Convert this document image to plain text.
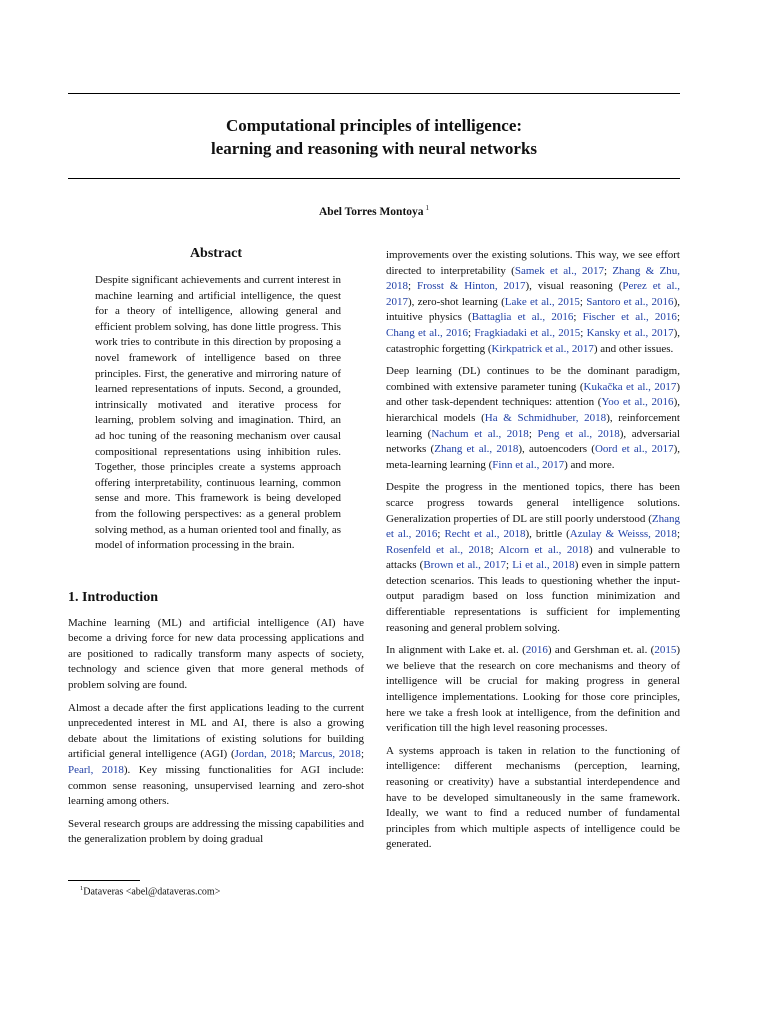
Computational principles of intelligence:
learning and reasoning with neural networks
Abel Torres Montoya $^1$
Abstract
Despite significant achievements and current interest in machine learning and artificial intelligence, the quest for a theory of intelligence, allowing general and efficient problem solving, has done little progress. This work tries to contribute in this direction by proposing a novel framework of intelligence based on three principles. First, the generative and mirroring nature of learned representations of inputs. Second, a grounded, intrinsically motivated and iterative process for learning, problem solving and imagination. Third, an ad hoc tuning of the reasoning mechanism over causal compositional representations using inhibition rules. Together, those principles create a systems approach offering interpretability, continuous learning, common sense and more. This framework is being developed from the following perspectives: as a general problem solving method, as a human oriented tool and finally, as model of information processing in the brain.
1. Introduction

Machine learning (ML) and artificial intelligence (AI) have become a driving force for new data processing applications and are positioned to radically transform many aspects of society, technology and science given that more general methods of problem solving are found.

Almost a decade after the first applications leading to the current unprecedented interest in ML and AI, there is also a growing debate about the limitations of existing solutions for building artificial general intelligence (AGI) (Jordan, 2018; Marcus, 2018; Pearl, 2018). Key missing functionalities for AGI include: common sense reasoning, unsupervised learning and zero-shot learning among others.

Several research groups are addressing the missing capabilities and the generalization problem by doing gradual

improvements over the existing solutions. This way, we see effort directed to interpretability (Samek et al., 2017; Zhang & Zhu, 2018; Frosst & Hinton, 2017), visual reasoning (Perez et al., 2017), zero-shot learning (Lake et al., 2015; Santoro et al., 2016), intuitive physics (Battaglia et al., 2016; Fischer et al., 2016; Chang et al., 2016; Fragkiadaki et al., 2015; Kansky et al., 2017), catastrophic forgetting (Kirkpatrick et al., 2017) and other issues.

Deep learning (DL) continues to be the dominant paradigm, combined with extensive parameter tuning (Kukačka et al., 2017) and other task-dependent techniques: attention (Yoo et al., 2016), hierarchical models (Ha & Schmidhuber, 2018), reinforcement learning (Nachum et al., 2018; Peng et al., 2018), adversarial networks (Zhang et al., 2018), autoencoders (Oord et al., 2017), meta-learning learning (Finn et al., 2017) and more.

Despite the progress in the mentioned topics, there has been scarce progress towards general intelligence solutions. Generalization properties of DL are still poorly understood (Zhang et al., 2016; Recht et al., 2018), brittle (Azulay & Weisss, 2018; Rosenfeld et al., 2018; Alcorn et al., 2018) and vulnerable to attacks (Brown et al., 2017; Li et al., 2018) even in simple pattern detection scenarios. This leads to questioning whether the input-output paradigm based on loss function minimization and differentiable representations is sufficient for implementing reasoning and general problem solving.

In alignment with Lake et. al. (2016) and Gershman et. al. (2015) we believe that the research on core mechanisms and theory of intelligence will be crucial for making progress in general intelligence implementations. Looking for those core principles, here we take a fresh look at intelligence, from the definition and verification till the high level reasoning processes.

A systems approach is taken in relation to the functioning of intelligence: different mechanisms (perception, learning, reasoning or creativity) have a substantial interdependence and have to be developed simultaneously in the same framework. Ideally, we want to find a reduced number of fundamental principles from which multiple aspects of intelligence could be generated.

$^1$Dataveras <abel@dataveras.com>
